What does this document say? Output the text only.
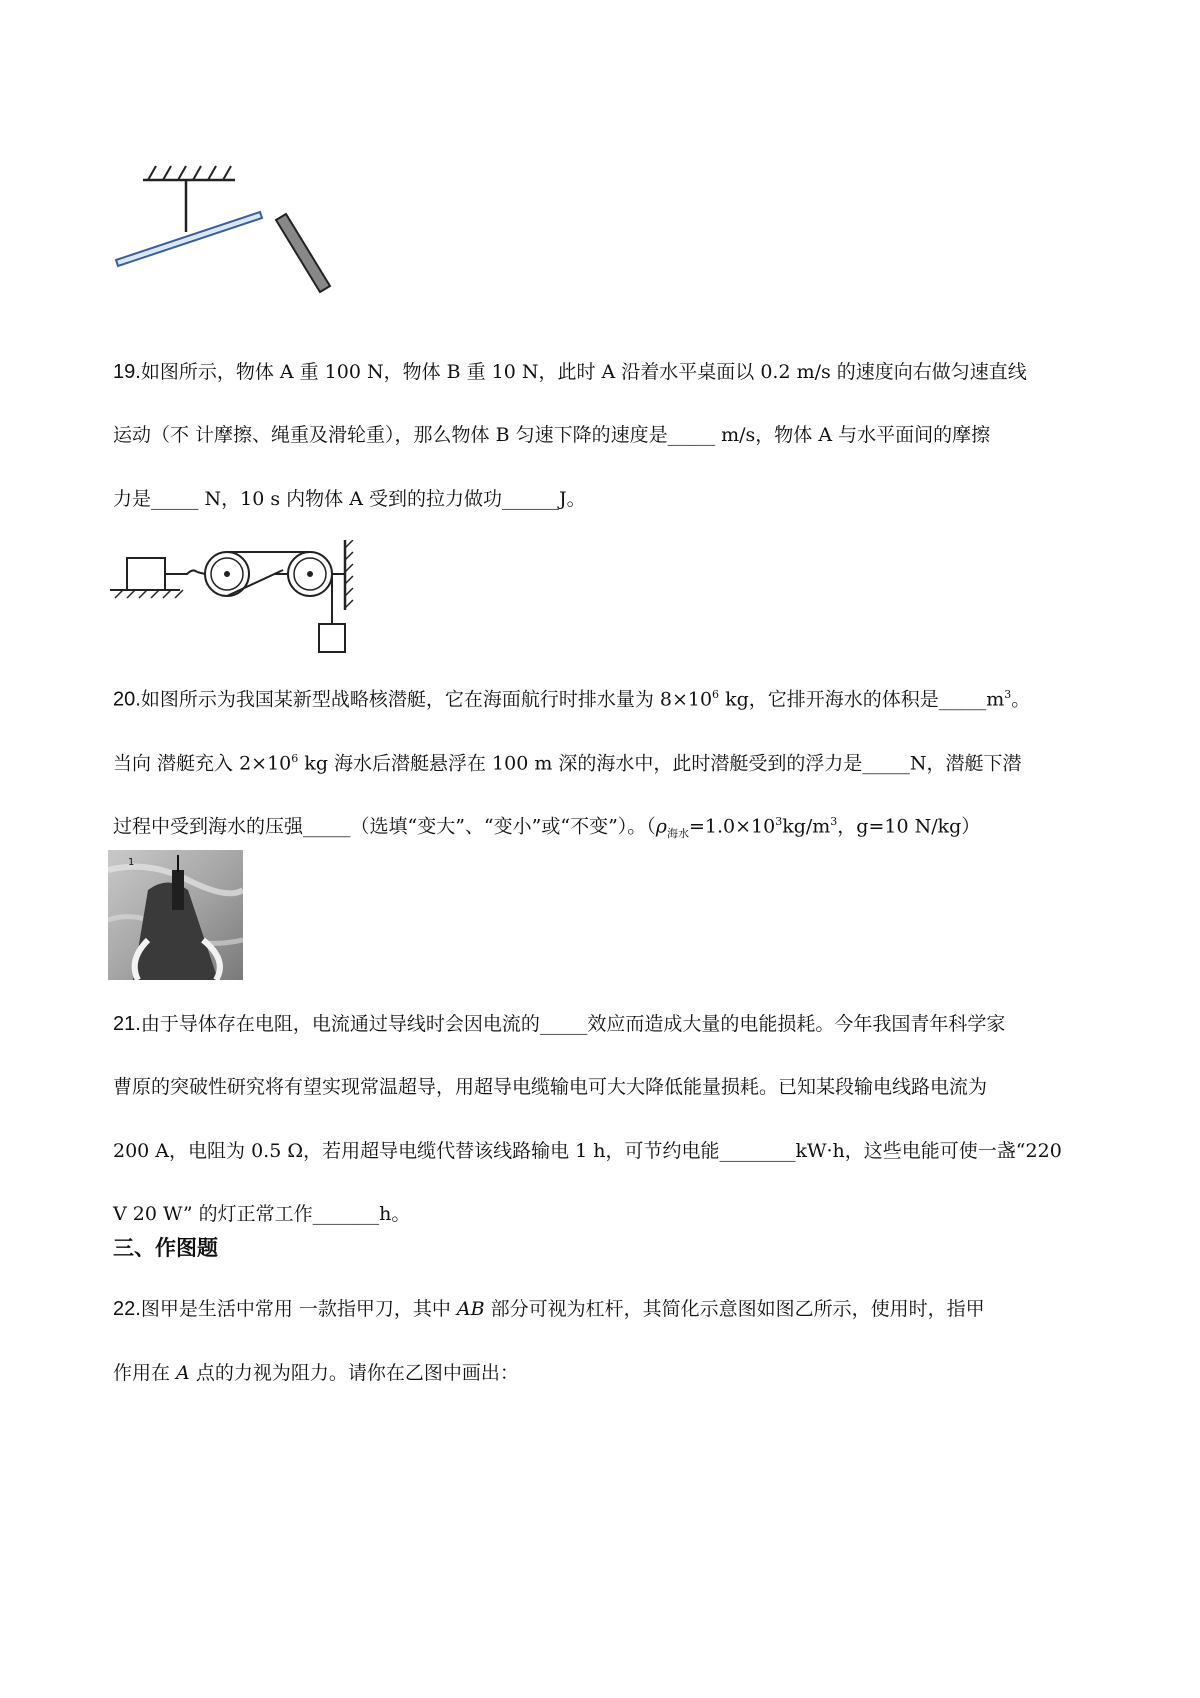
19.如图所示，物体 A 重 100 N，物体 B 重 10 N，此时 A 沿着水平桌面以 0.2 m/s 的速度向右做匀速直线
运动（不 计摩擦、绳重及滑轮重），那么物体 B 匀速下降的速度是_____ m/s，物体 A 与水平面间的摩擦
力是_____ N，10 s 内物体 A 受到的拉力做功______J。
20.如图所示为我国某新型战略核潜艇，它在海面航行时排水量为 $8\times 10^6$ kg，它排开海水的体积是$\_\_\_\_\_m^3$。
当向 潜艇充入 $2\times 10^6$ kg 海水后潜艇悬浮在 100 m 深的海水中，此时潜艇受到的浮力是_____N，潜艇下潜
过程中受到海水的压强_____（选填“变大”、“变小”或“不变”）。（$\rho_{海水}=1.0\times 10^3kg/m^3$，g=10 N/kg）
1
21.由于导体存在电阻，电流通过导线时会因电流的_____效应而造成大量的电能损耗。今年我国青年科学家
曹原的突破性研究将有望实现常温超导，用超导电缆输电可大大降低能量损耗。已知某段输电线路电流为
200 A，电阻为 0.5 Ω，若用超导电缆代替该线路输电 1 h，可节约电能________kW·h，这些电能可使一盏“220
V 20 W” 的灯正常工作_______h。
三、作图题
22.图甲是生活中常用 一款指甲刀，其中 AB 部分可视为杠杆，其简化示意图如图乙所示，使用时，指甲
作用在 A 点的力视为阻力。请你在乙图中画出：
